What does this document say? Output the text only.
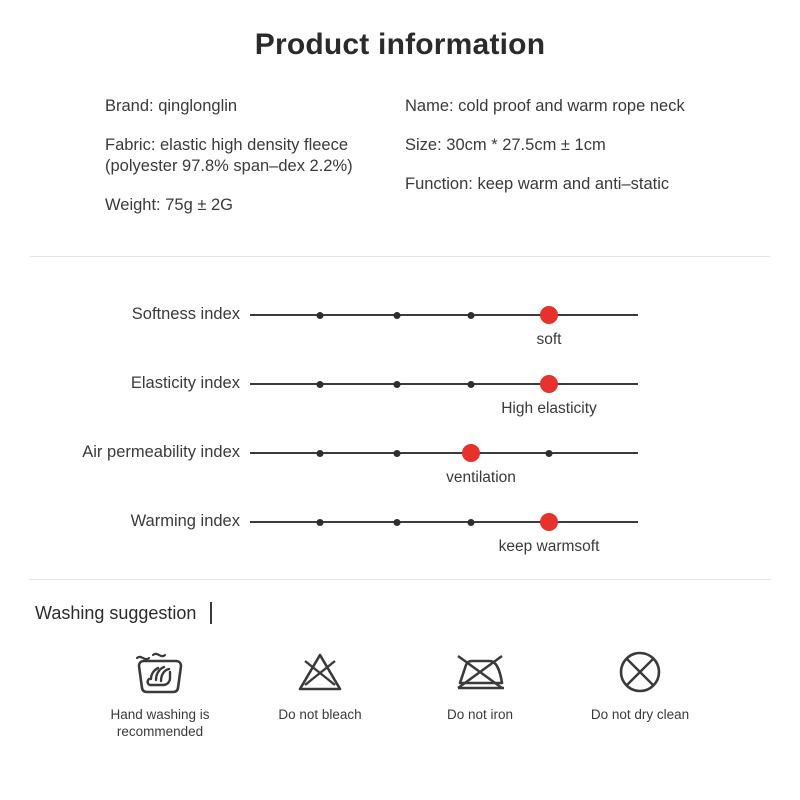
Product information
Brand: qinglonglin
Fabric: elastic high density fleece (polyester 97.8% span–dex 2.2%)
Weight: 75g ± 2G
Name: cold proof and warm rope neck
Size: 30cm * 27.5cm ± 1cm
Function: keep warm and anti–static
Softness index
soft
Elasticity index
High elasticity
Air permeability index
ventilation
Warming index
keep warmsoft
Washing suggestion
Hand washing is recommended
Do not bleach	Do not iron	Do not dry clean
